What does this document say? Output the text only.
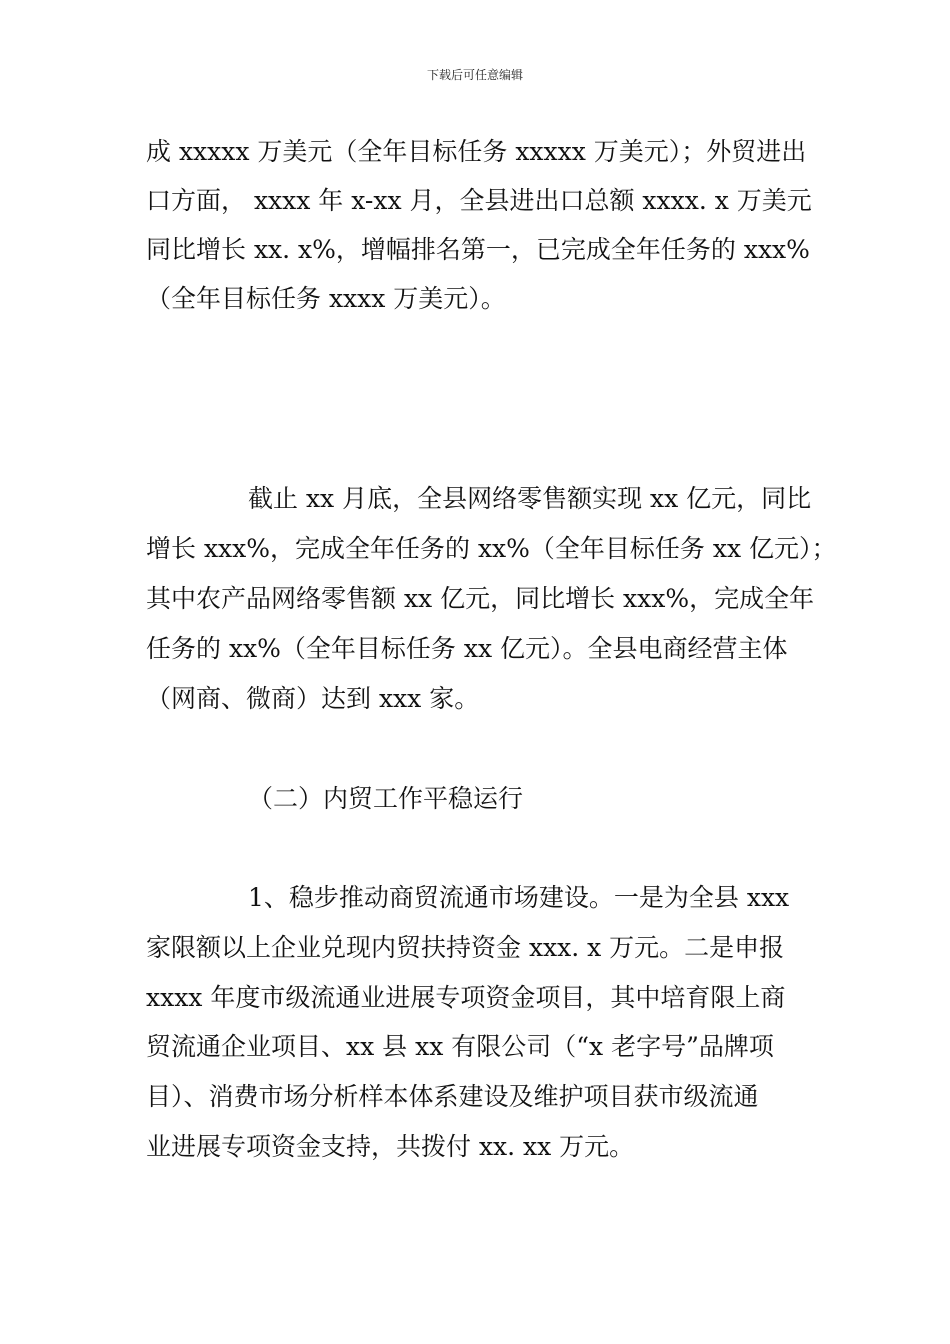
下载后可任意编辑
成 xxxxx 万美元（全年目标任务 xxxxx 万美元）；外贸进出
口方面， xxxx 年 x-xx 月，全县进出口总额 xxxx. x 万美元
同比增长 xx. x%，增幅排名第一，已完成全年任务的 xxx%
（全年目标任务 xxxx 万美元）。
截止 xx 月底，全县网络零售额实现 xx 亿元，同比
增长 xxx%，完成全年任务的 xx%（全年目标任务 xx 亿元）；
其中农产品网络零售额 xx 亿元，同比增长 xxx%，完成全年
任务的 xx%（全年目标任务 xx 亿元）。全县电商经营主体
（网商、微商）达到 xxx 家。
（二）内贸工作平稳运行
1、稳步推动商贸流通市场建设。一是为全县 xxx
家限额以上企业兑现内贸扶持资金 xxx. x 万元。二是申报
xxxx 年度市级流通业进展专项资金项目，其中培育限上商
贸流通企业项目、xx 县 xx 有限公司（“x 老字号”品牌项
目）、消费市场分析样本体系建设及维护项目获市级流通
业进展专项资金支持，共拨付 xx. xx 万元。
